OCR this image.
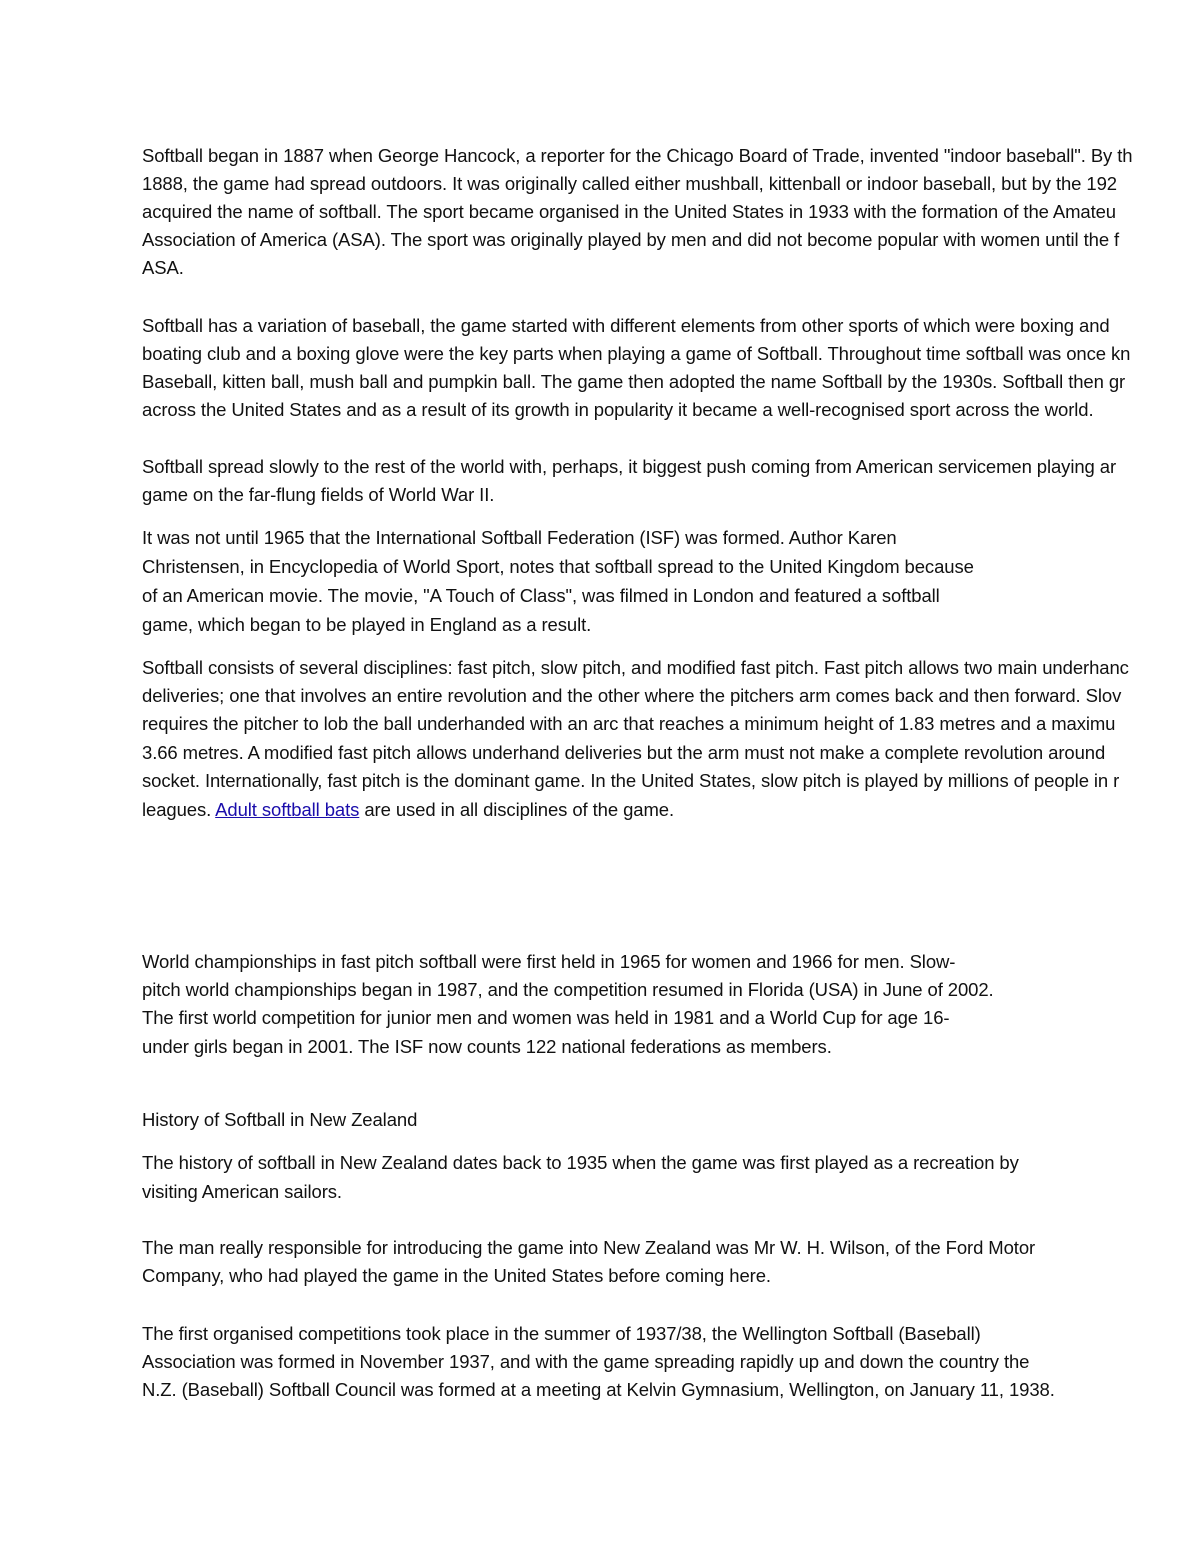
Softball began in 1887 when George Hancock, a reporter for the Chicago Board of Trade, invented "indoor baseball". By th

1888, the game had spread outdoors. It was originally called either mushball, kittenball or indoor baseball, but by the 192

acquired the name of softball. The sport became organised in the United States in 1933 with the formation of the Amateu

Association of America (ASA). The sport was originally played by men and did not become popular with women until the f

ASA.

Softball has a variation of baseball, the game started with different elements from other sports of which were boxing and

boating club and a boxing glove were the key parts when playing a game of Softball. Throughout time softball was once kn

Baseball, kitten ball, mush ball and pumpkin ball. The game then adopted the name Softball by the 1930s. Softball then gr

across the United States and as a result of its growth in popularity it became a well-recognised sport across the world.

Softball spread slowly to the rest of the world with, perhaps, it biggest push coming from American servicemen playing ar

game on the far-flung fields of World War II.

It was not until 1965 that the International Softball Federation (ISF) was formed. Author Karen

Christensen, in Encyclopedia of World Sport, notes that softball spread to the United Kingdom because

of an American movie. The movie, "A Touch of Class", was filmed in London and featured a softball

game, which began to be played in England as a result.

Softball consists of several disciplines: fast pitch, slow pitch, and modified fast pitch. Fast pitch allows two main underhanc

deliveries; one that involves an entire revolution and the other where the pitchers arm comes back and then forward. Slov

requires the pitcher to lob the ball underhanded with an arc that reaches a minimum height of 1.83 metres and a maximu

3.66 metres. A modified fast pitch allows underhand deliveries but the arm must not make a complete revolution around

socket. Internationally, fast pitch is the dominant game. In the United States, slow pitch is played by millions of people in r

leagues. Adult softball bats are used in all disciplines of the game.

World championships in fast pitch softball were first held in 1965 for women and 1966 for men. Slow-

pitch world championships began in 1987, and the competition resumed in Florida (USA) in June of 2002.

The first world competition for junior men and women was held in 1981 and a World Cup for age 16-

under girls began in 2001. The ISF now counts 122 national federations as members.

History of Softball in New Zealand

The history of softball in New Zealand dates back to 1935 when the game was first played as a recreation by

visiting American sailors.

The man really responsible for introducing the game into New Zealand was Mr W. H. Wilson, of the Ford Motor

Company, who had played the game in the United States before coming here.

The first organised competitions took place in the summer of 1937/38, the Wellington Softball (Baseball)

Association was formed in November 1937, and with the game spreading rapidly up and down the country the

N.Z. (Baseball) Softball Council was formed at a meeting at Kelvin Gymnasium, Wellington, on January 11, 1938.
